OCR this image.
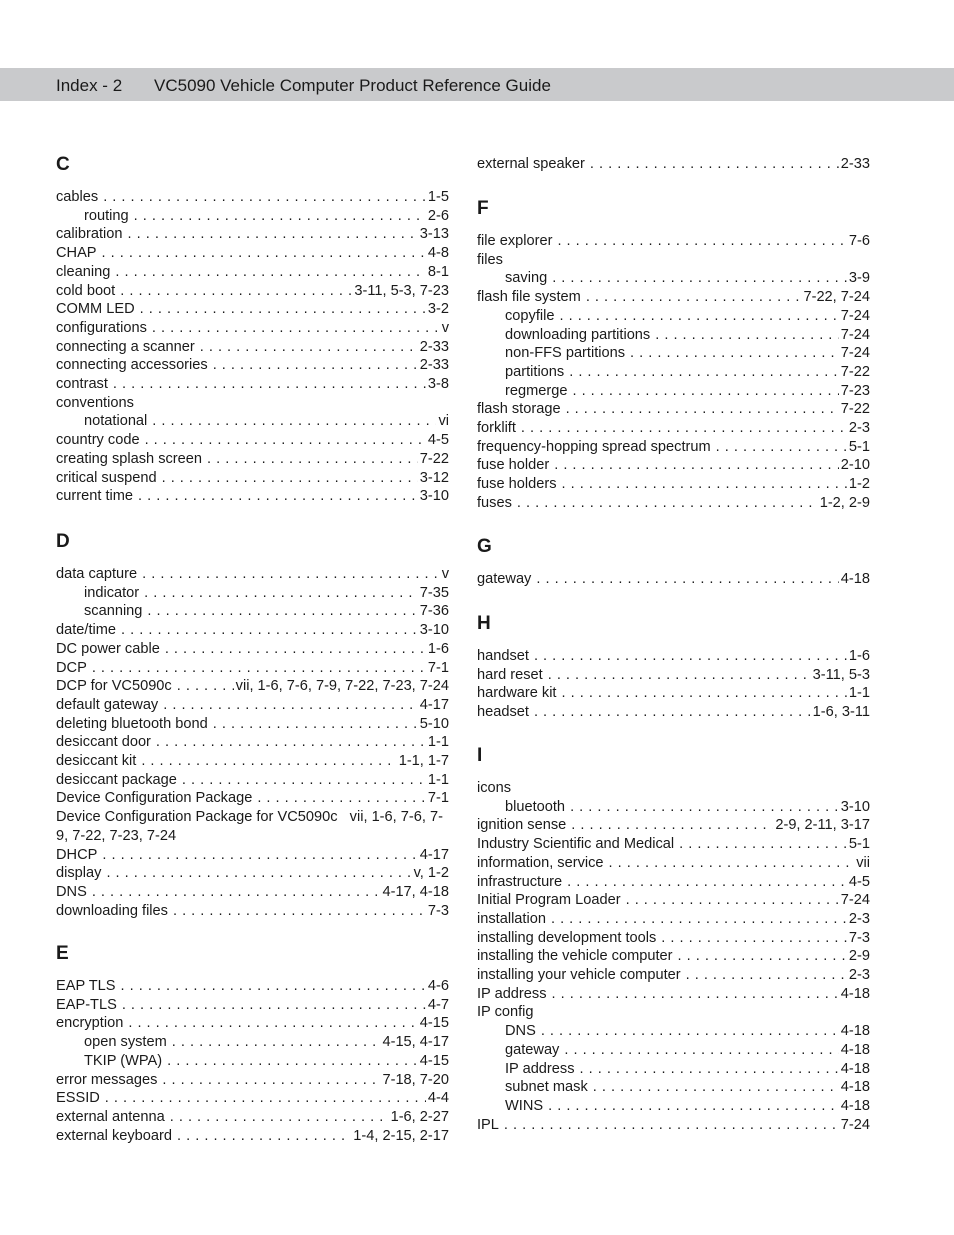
Index - 2 VC5090 Vehicle Computer Product Reference Guide
C
cables . . .	1-5
routing . . .	2-6
calibration . . .	3-13
CHAP . . .	4-8
cleaning . . .	8-1
cold boot . . .	3-11, 5-3, 7-23
COMM LED . . .	3-2
configurations . . .	v
connecting a scanner . . .	2-33
connecting accessories . . .	2-33
contrast . . .	3-8
conventions
notational . . .	vi
country code . . .	4-5
creating splash screen . . .	7-22
critical suspend . . .	3-12
current time . . .	3-10
D
data capture . . .	v
indicator . . .	7-35
scanning . . .	7-36
date/time . . .	3-10
DC power cable . . .	1-6
DCP . . .	7-1
DCP for VC5090c . . .	vii, 1-6, 7-6, 7-9, 7-22, 7-23, 7-24
default gateway . . .	4-17
deleting bluetooth bond . . .	5-10
desiccant door . . .	1-1
desiccant kit . . .	1-1, 1-7
desiccant package . . .	1-1
Device Configuration Package . . .	7-1
Device Configuration Package for VC5090c vii, 1-6, 7-6, 7-9, 7-22, 7-23, 7-24
DHCP . . .	4-17
display . . .	v, 1-2
DNS . . .	4-17, 4-18
downloading files . . .	7-3
E
EAP TLS . . .	4-6
EAP-TLS . . .	4-7
encryption . . .	4-15
open system . . .	4-15, 4-17
TKIP (WPA) . . .	4-15
error messages . . .	7-18, 7-20
ESSID . . .	4-4
external antenna . . .	1-6, 2-27
external keyboard . . .	1-4, 2-15, 2-17
external speaker . . .	2-33
F
file explorer . . .	7-6
files
saving . . .	3-9
flash file system . . .	7-22, 7-24
copyfile . . .	7-24
downloading partitions . . .	7-24
non-FFS partitions . . .	7-24
partitions . . .	7-22
regmerge . . .	7-23
flash storage . . .	7-22
forklift . . .	2-3
frequency-hopping spread spectrum . . .	5-1
fuse holder . . .	2-10
fuse holders . . .	1-2
fuses . . .	1-2, 2-9
G
gateway . . .	4-18
H
handset . . .	1-6
hard reset . . .	3-11, 5-3
hardware kit . . .	1-1
headset . . .	1-6, 3-11
I
icons
bluetooth . . .	3-10
ignition sense . . .	2-9, 2-11, 3-17
Industry Scientific and Medical . . .	5-1
information, service . . .	vii
infrastructure . . .	4-5
Initial Program Loader . . .	7-24
installation . . .	2-3
installing development tools . . .	7-3
installing the vehicle computer . . .	2-9
installing your vehicle computer . . .	2-3
IP address . . .	4-18
IP config
DNS . . .	4-18
gateway . . .	4-18
IP address . . .	4-18
subnet mask . . .	4-18
WINS . . .	4-18
IPL . . .	7-24
